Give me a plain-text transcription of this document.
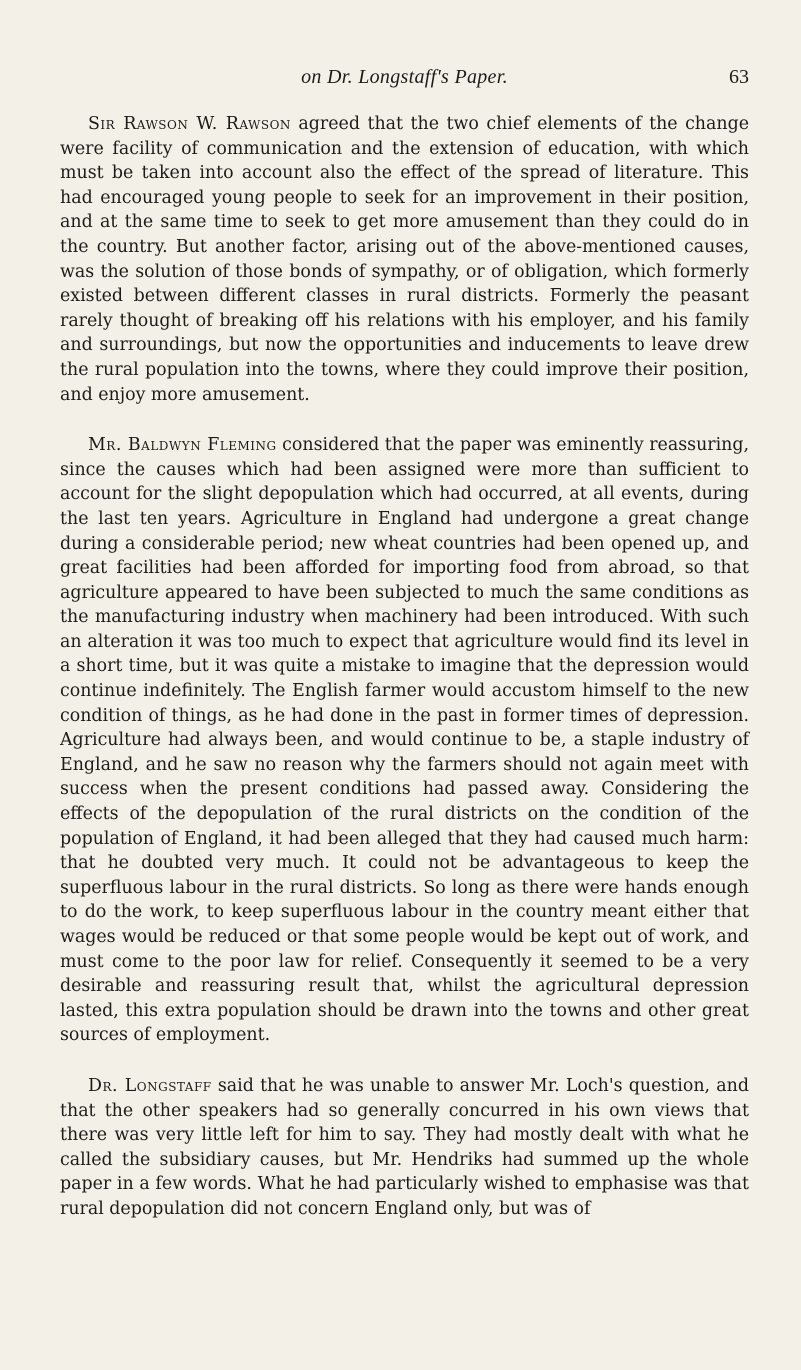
on Dr. Longstaff's Paper.	63

Sir Rawson W. Rawson agreed that the two chief elements of the change were facility of communication and the extension of education, with which must be taken into account also the effect of the spread of literature. This had encouraged young people to seek for an improvement in their position, and at the same time to seek to get more amusement than they could do in the country. But another factor, arising out of the above-mentioned causes, was the solution of those bonds of sympathy, or of obligation, which formerly existed between different classes in rural districts. Formerly the peasant rarely thought of breaking off his relations with his employer, and his family and surroundings, but now the opportunities and inducements to leave drew the rural population into the towns, where they could improve their position, and enjoy more amusement.

Mr. Baldwyn Fleming considered that the paper was eminently reassuring, since the causes which had been assigned were more than sufficient to account for the slight depopulation which had occurred, at all events, during the last ten years. Agriculture in England had undergone a great change during a considerable period; new wheat countries had been opened up, and great facilities had been afforded for importing food from abroad, so that agriculture appeared to have been subjected to much the same conditions as the manufacturing industry when machinery had been introduced. With such an alteration it was too much to expect that agriculture would find its level in a short time, but it was quite a mistake to imagine that the depression would continue indefinitely. The English farmer would accustom himself to the new condition of things, as he had done in the past in former times of depression. Agriculture had always been, and would continue to be, a staple industry of England, and he saw no reason why the farmers should not again meet with success when the present conditions had passed away. Considering the effects of the depopulation of the rural districts on the condition of the population of England, it had been alleged that they had caused much harm: that he doubted very much. It could not be advantageous to keep the superfluous labour in the rural districts. So long as there were hands enough to do the work, to keep superfluous labour in the country meant either that wages would be reduced or that some people would be kept out of work, and must come to the poor law for relief. Consequently it seemed to be a very desirable and reassuring result that, whilst the agricultural depression lasted, this extra population should be drawn into the towns and other great sources of employment.

Dr. Longstaff said that he was unable to answer Mr. Loch's question, and that the other speakers had so generally concurred in his own views that there was very little left for him to say. They had mostly dealt with what he called the subsidiary causes, but Mr. Hendriks had summed up the whole paper in a few words. What he had particularly wished to emphasise was that rural depopulation did not concern England only, but was of
